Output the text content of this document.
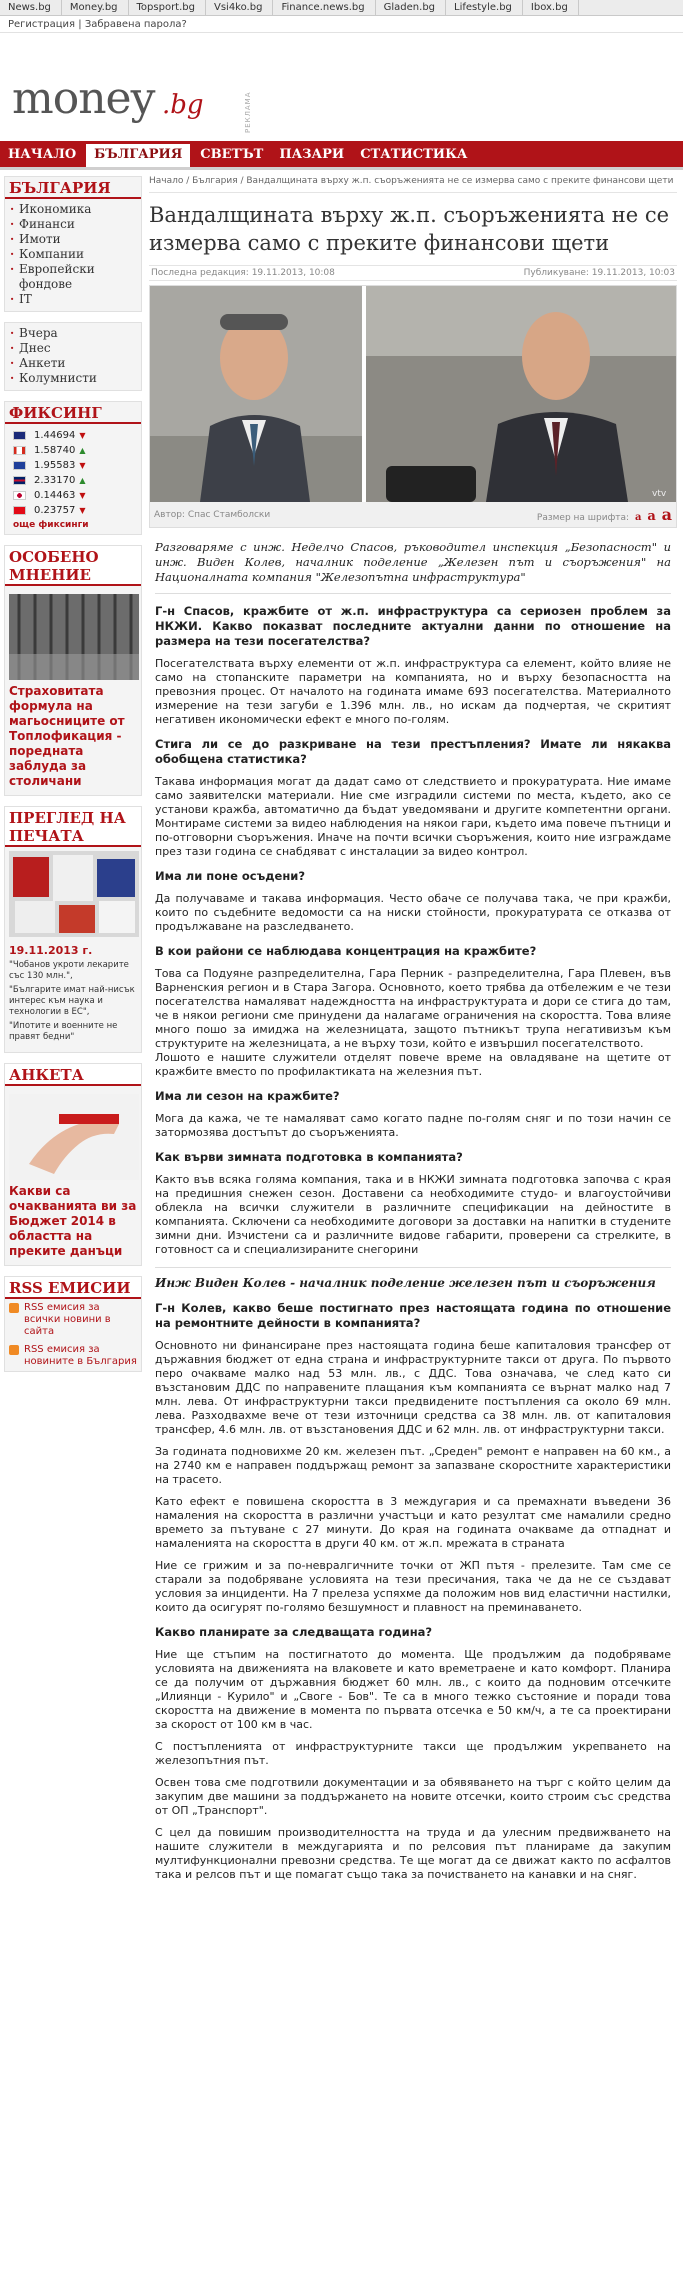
News.bg	Money.bg	Topsport.bg	Vsi4ko.bg	Finance.news.bg	Gladen.bg	Lifestyle.bg	Ibox.bg
Регистрация | Забравена парола?
money .bg	РЕКЛАМА
НАЧАЛО	БЪЛГАРИЯ	СВЕТЪТ	ПАЗАРИ	СТАТИСТИКА
БЪЛГАРИЯ
· Икономика
· Финанси
· Имоти
· Компании
· Европейски фондове
· IT
· Вчера
· Днес
· Анкети
· Колумнисти
ФИКСИНГ
1.44694 ▼
1.58740 ▲
1.95583 ▼
2.33170 ▲
0.14463 ▼
0.23757 ▼
още фиксинги
ОСОБЕНО МНЕНИЕ
Страховитата формула на магьосниците от Топлофикация - поредната заблуда за столичани
ПРЕГЛЕД НА ПЕЧАТА
19.11.2013 г.

"Чобанов укроти лекарите със 130 млн.",

"Българите имат най-нисък интерес към наука и технологии в ЕС",

"Ипотите и военните не правят бедни"

АНКЕТА
Какви са очакванията ви за Бюджет 2014 в областта на преките данъци
RSS ЕМИСИИ
RSS емисия за всички новини в сайта
RSS емисия за новините в България
Начало / България / Вандалщината върху ж.п. съоръженията не се измерва само с преките финансови щети
Вандалщината върху ж.п. съоръженията не се измерва само с преките финансови щети
Последна редакция: 19.11.2013, 10:08	Публикуване: 19.11.2013, 10:03
vtv
Автор: Спас Стамболски	Размер на шрифта: a a a

Разговаряме с инж. Неделчо Спасов, ръководител инспекция „Безопасност" и инж. Виден Колев, началник поделение „Железен път и съоръжения" на Националната компания "Железопътна инфраструктура"

Г-н Спасов, кражбите от ж.п. инфраструктура са сериозен проблем за НКЖИ. Какво показват последните актуални данни по отношение на размера на тези посегателства?

Посегателствата върху елементи от ж.п. инфраструктура са елемент, който влияе не само на стопанските параметри на компанията, но и върху безопасността на превозния процес. От началото на годината имаме 693 посегателства. Материалното измерение на тези загуби е 1.396 млн. лв., но искам да подчертая, че скритият негативен икономически ефект е много по-голям.

Стига ли се до разкриване на тези престъпления? Имате ли някаква обобщена статистика?

Такава информация могат да дадат само от следствието и прокуратурата. Ние имаме само заявителски материали. Ние сме изградили системи по места, където, ако се установи кражба, автоматично да бъдат уведомявани и другите компетентни органи. Монтираме системи за видео наблюдения на някои гари, където има повече пътници и по-отговорни съоръжения. Иначе на почти всички съоръжения, които ние изграждаме през тази година се снабдяват с инсталации за видео контрол.

Има ли поне осъдени?

Да получаваме и такава информация. Често обаче се получава така, че при кражби, които по съдебните ведомости са на ниски стойности, прокуратурата се отказва от продължаване на разследването.

В кои райони се наблюдава концентрация на кражбите?

Това са Подуяне разпределителна, Гара Перник - разпределителна, Гара Плевен, във Варненския регион и в Стара Загора. Основното, което трябва да отбележим е че тези посегателства намаляват надеждността на инфраструктурата и дори се стига до там, че в някои региони сме принудени да налагаме ограничения на скоростта. Това влияе много пошо за имиджа на железницата, защото пътникът трупа негативизъм към структурите на железницата, а не върху този, който е извършил посегателството.
Лошото е нашите служители отделят повече време на овладяване на щетите от кражбите вместо по профилактиката на железния път.

Има ли сезон на кражбите?

Мога да кажа, че те намаляват само когато падне по-голям сняг и по този начин се затормозява достъпът до съоръженията.

Как върви зимната подготовка в компанията?

Както във всяка голяма компания, така и в НКЖИ зимната подготовка започва с края на предишния снежен сезон. Доставени са необходимите студо- и влагоустойчиви облекла на всички служители в различните спецификации на дейностите в компанията. Сключени са необходимите договори за доставки на напитки в студените зимни дни. Изчистени са и различните видове габарити, проверени са стрелките, в готовност са и специализираните снегорини

Инж Виден Колев - началник поделение железен път и съоръжения

Г-н Колев, какво беше постигнато през настоящата година по отношение на ремонтните дейности в компанията?

Основното ни финансиране през настоящата година беше капиталовия трансфер от държавния бюджет от една страна и инфраструктурните такси от друга. По първото перо очакваме малко над 53 млн. лв., с ДДС. Това означава, че след като си възстановим ДДС по направените плащания към компанията се върнат малко над 7 млн. лева. От инфраструктурни такси предвидените постъпления са около 69 млн. лева. Разходвахме вече от тези източници средства са 38 млн. лв. от капиталовия трансфер, 4.6 млн. лв. от възстановения ДДС и 62 млн. лв. от инфраструктурни такси.

За годината подновихме 20 км. железен път. „Среден" ремонт е направен на 60 км., а на 2740 км е направен поддържащ ремонт за запазване скоростните характеристики на трасето.

Като ефект е повишена скоростта в 3 междугария и са премахнати въведени 36 намаления на скоростта в различни участъци и като резултат сме намалили средно времето за пътуване с 27 минути. До края на годината очакваме да отпаднат и намаленията на скоростта в други 40 км. от ж.п. мрежата в страната

Ние се грижим и за по-невралгичните точки от ЖП пътя - прелезите. Там сме се старали за подобряване условията на тези пресичания, така че да не се създават условия за инциденти. На 7 прелеза успяхме да положим нов вид еластични настилки, които да осигурят по-голямо безшумност и плавност на преминаването.

Какво планирате за следващата година?

Ние ще стъпим на постигнатото до момента. Ще продължим да подобряваме условията на движенията на влаковете и като времетраене и като комфорт. Планира се да получим от държавния бюджет 60 млн. лв., с които да подновим отсечките „Илиянци - Курило" и „Своге - Бов". Те са в много тежко състояние и поради това скоростта на движение в момента по първата отсечка е 50 км/ч, а те са проектирани за скорост от 100 км в час.

С постъпленията от инфраструктурните такси ще продължим укрепването на железопътния път.

Освен това сме подготвили документации и за обявяването на търг с който целим да закупим две машини за поддържането на новите отсечки, които строим със средства от ОП „Транспорт".

С цел да повишим производителността на труда и да улесним предвижването на нашите служители в междугарията и по релсовия път планираме да закупим мултифункционални превозни средства. Те ще могат да се движат както по асфалтов така и релсов път и ще помагат също така за почистването на канавки и на сняг.
